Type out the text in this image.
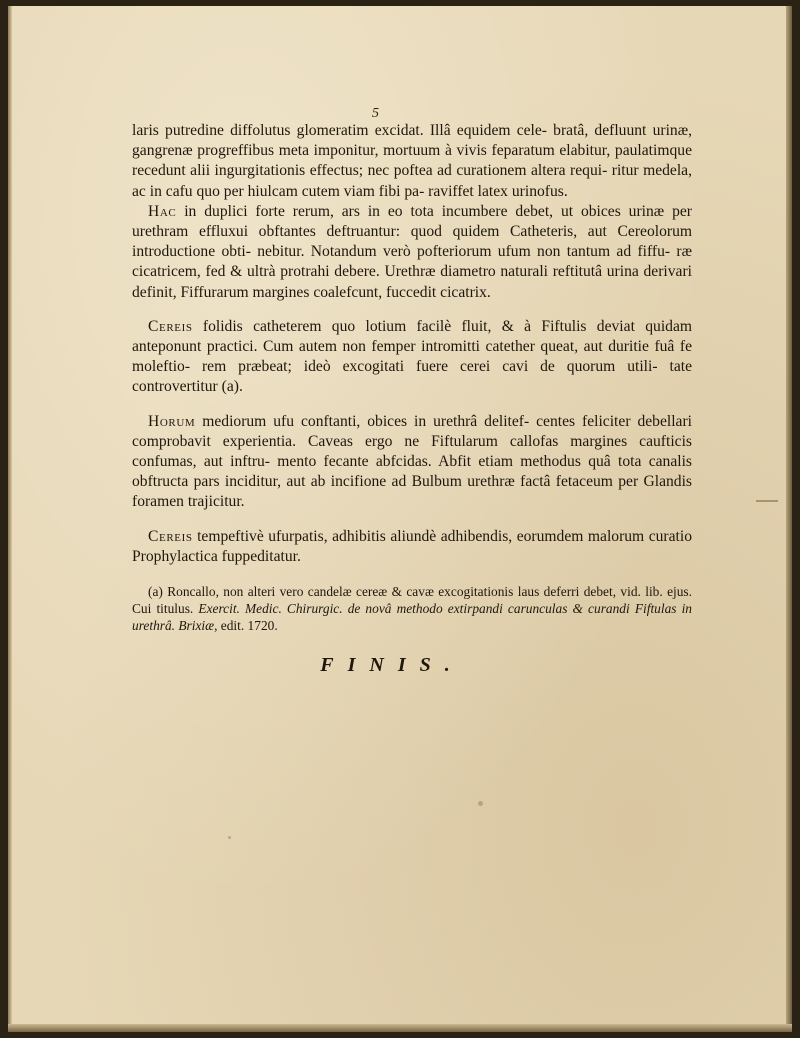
5

laris putredine diffolutus glomeratim excidat. Illâ equidem cele- bratâ, defluunt urinæ, gangrenæ progreffibus meta imponitur, mortuum à vivis feparatum elabitur, paulatimque recedunt alii ingurgitationis effectus; nec poftea ad curationem altera requi- ritur medela, ac in cafu quo per hiulcam cutem viam fibi pa- raviffet latex urinofus.

Hac in duplici forte rerum, ars in eo tota incumbere debet, ut obices urinæ per urethram effluxui obftantes deftruantur: quod quidem Catheteris, aut Cereolorum introductione obti- nebitur. Notandum verò pofteriorum ufum non tantum ad fiffu- ræ cicatricem, fed & ultrà protrahi debere. Urethræ diametro naturali reftitutâ urina derivari definit, Fiffurarum margines coalefcunt, fuccedit cicatrix.

Cereis folidis catheterem quo lotium facilè fluit, & à Fiftulis deviat quidam anteponunt practici. Cum autem non femper intromitti catether queat, aut duritie fuâ fe moleftio- rem præbeat; ideò excogitati fuere cerei cavi de quorum utili- tate controvertitur (a).

Horum mediorum ufu conftanti, obices in urethrâ delitef- centes feliciter debellari comprobavit experientia. Caveas ergo ne Fiftularum callofas margines caufticis confumas, aut inftru- mento fecante abfcidas. Abfit etiam methodus quâ tota canalis obftructa pars inciditur, aut ab incifione ad Bulbum urethræ factâ fetaceum per Glandis foramen trajicitur.

Cereis tempeftivè ufurpatis, adhibitis aliundè adhibendis, eorumdem malorum curatio Prophylactica fuppeditatur.

(a) Roncallo, non alteri vero candelæ cereæ & cavæ excogitationis laus deferri debet, vid. lib. ejus. Cui titulus. Exercit. Medic. Chirurgic. de novâ methodo extirpandi carunculas & curandi Fiftulas in urethrâ. Brixiæ, edit. 1720.

FINIS.
